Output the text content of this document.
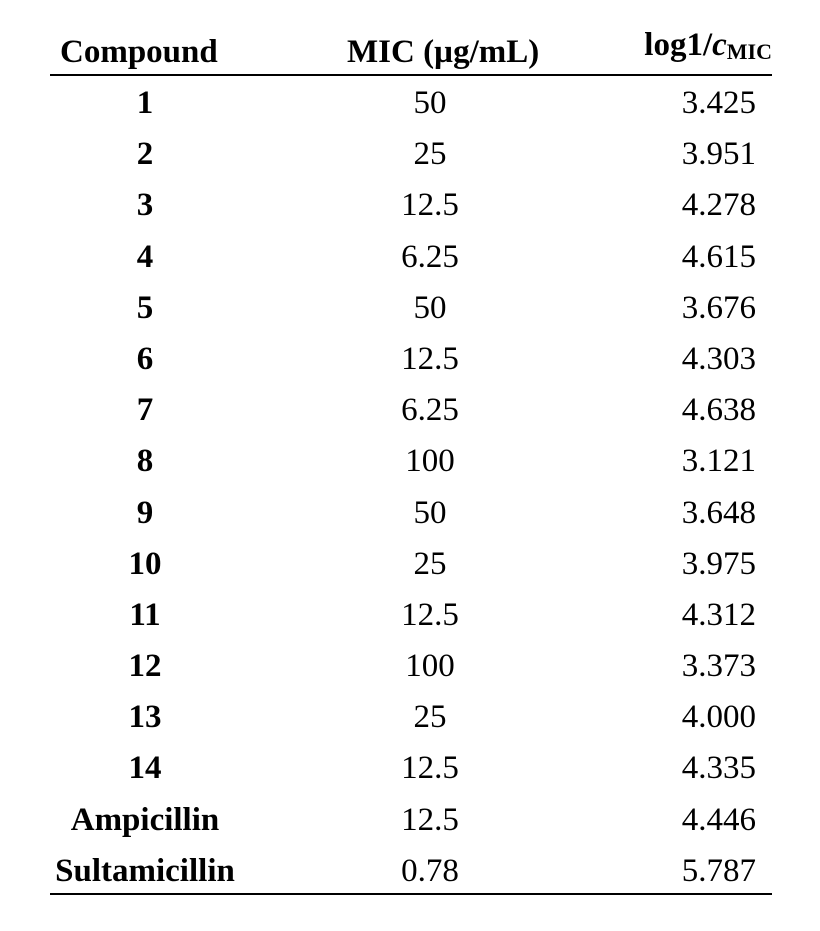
Compound	MIC (µg/mL)	$\log 1/c_{MIC}$
1	50	3.425
2	25	3.951
3	12.5	4.278
4	6.25	4.615
5	50	3.676
6	12.5	4.303
7	6.25	4.638
8	100	3.121
9	50	3.648
10	25	3.975
11	12.5	4.312
12	100	3.373
13	25	4.000
14	12.5	4.335
Ampicillin	12.5	4.446
Sultamicillin	0.78	5.787
